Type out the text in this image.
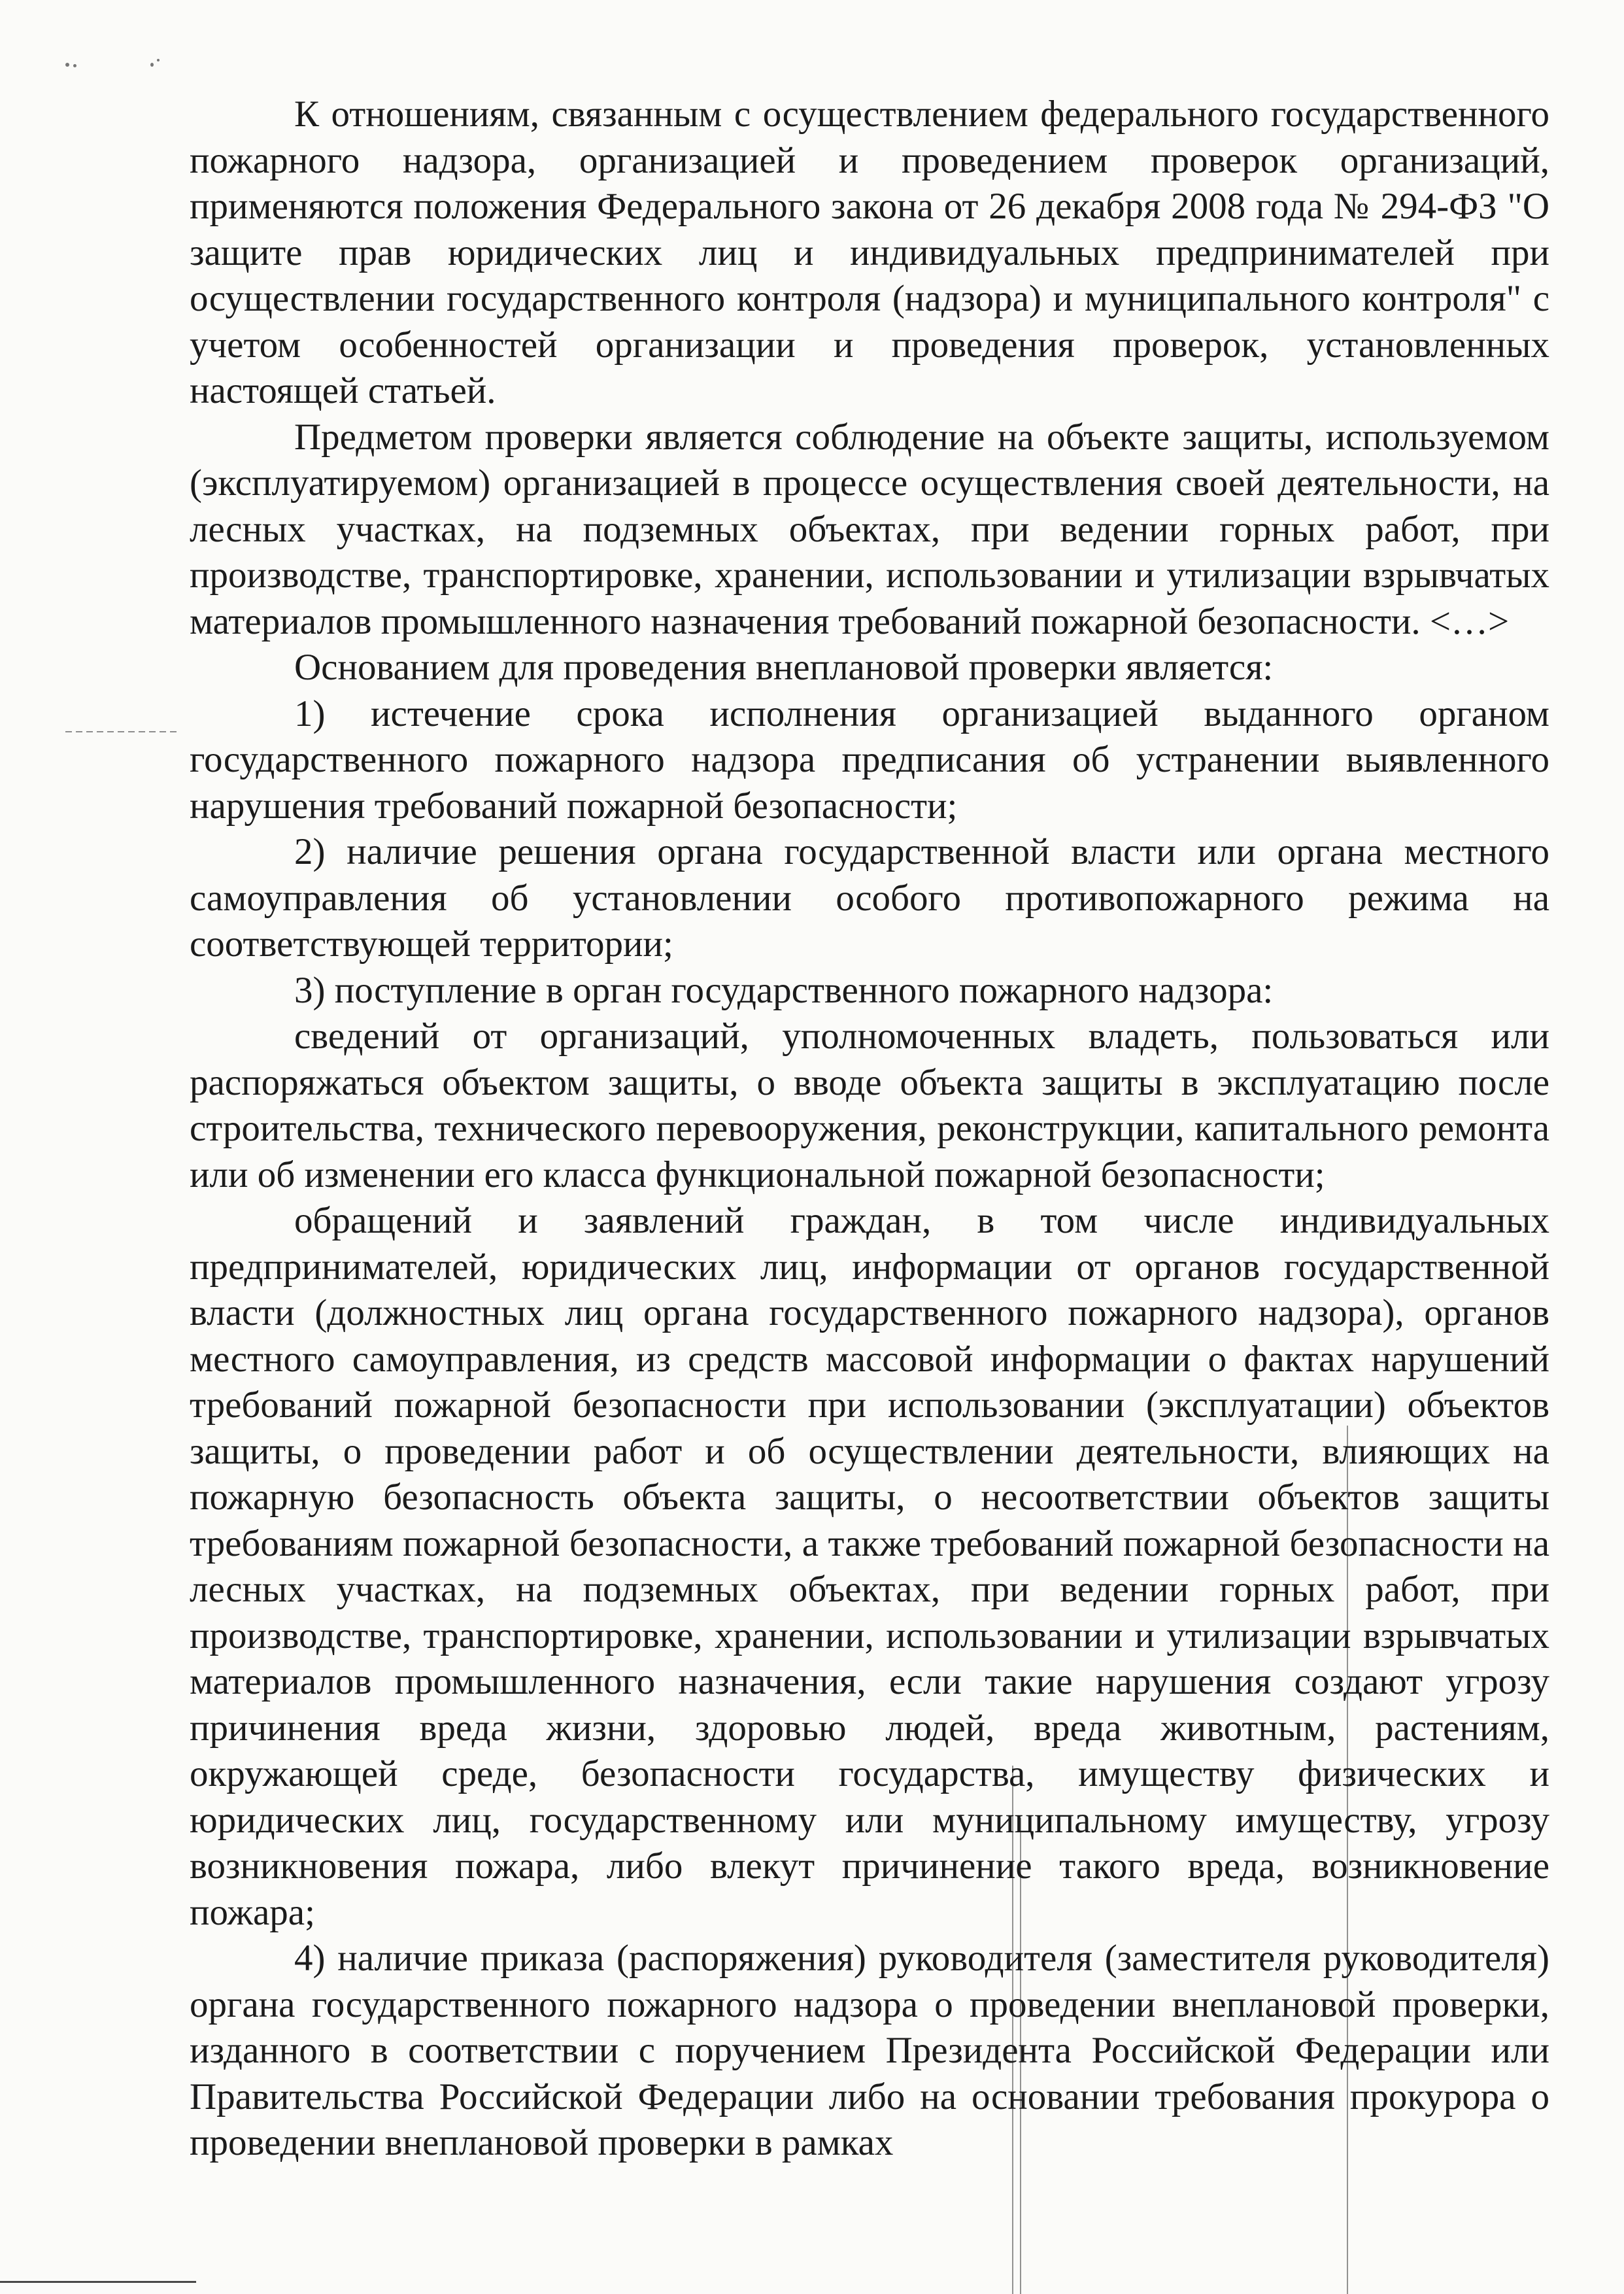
К отношениям, связанным с осуществлением федерального государственного пожарного надзора, организацией и проведением проверок организаций, применяются положения Федерального закона от 26 декабря 2008 года № 294-ФЗ "О защите прав юридических лиц и индивидуальных предпринимателей при осуществлении государственного контроля (надзора) и муниципального контроля" с учетом особенностей организации и проведения проверок, установленных настоящей статьей.

Предметом проверки является соблюдение на объекте защиты, используемом (эксплуатируемом) организацией в процессе осуществления своей деятельности, на лесных участках, на подземных объектах, при ведении горных работ, при производстве, транспортировке, хранении, использовании и утилизации взрывчатых материалов промышленного назначения требований пожарной безопасности. <…>

Основанием для проведения внеплановой проверки является:

1) истечение срока исполнения организацией выданного органом государственного пожарного надзора предписания об устранении выявленного нарушения требований пожарной безопасности;

2) наличие решения органа государственной власти или органа местного самоуправления об установлении особого противопожарного режима на соответствующей территории;

3) поступление в орган государственного пожарного надзора:

сведений от организаций, уполномоченных владеть, пользоваться или распоряжаться объектом защиты, о вводе объекта защиты в эксплуатацию после строительства, технического перевооружения, реконструкции, капитального ремонта или об изменении его класса функциональной пожарной безопасности;

обращений и заявлений граждан, в том числе индивидуальных предпринимателей, юридических лиц, информации от органов государственной власти (должностных лиц органа государственного пожарного надзора), органов местного самоуправления, из средств массовой информации о фактах нарушений требований пожарной безопасности при использовании (эксплуатации) объектов защиты, о проведении работ и об осуществлении деятельности, влияющих на пожарную безопасность объекта защиты, о несоответствии объектов защиты требованиям пожарной безопасности, а также требований пожарной безопасности на лесных участках, на подземных объектах, при ведении горных работ, при производстве, транспортировке, хранении, использовании и утилизации взрывчатых материалов промышленного назначения, если такие нарушения создают угрозу причинения вреда жизни, здоровью людей, вреда животным, растениям, окружающей среде, безопасности государства, имуществу физических и юридических лиц, государственному или муниципальному имуществу, угрозу возникновения пожара, либо влекут причинение такого вреда, возникновение пожара;

4) наличие приказа (распоряжения) руководителя (заместителя руководителя) органа государственного пожарного надзора о проведении внеплановой проверки, изданного в соответствии с поручением Президента Российской Федерации или Правительства Российской Федерации либо на основании требования прокурора о проведении внеплановой проверки в рамках
